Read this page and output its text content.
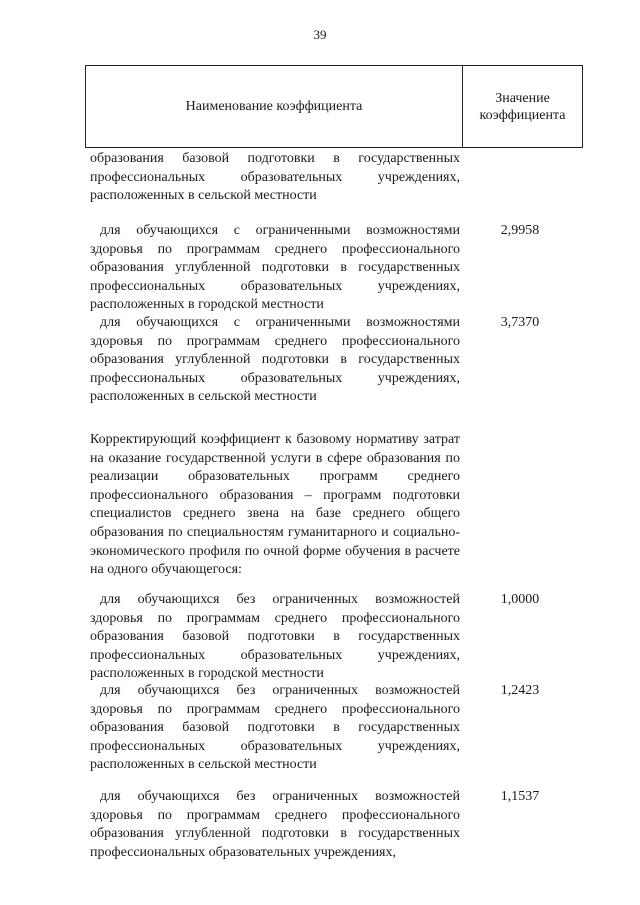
39
Наименование коэффициента
Значение коэффициента
образования базовой подготовки в государственных профессиональных образовательных учреждениях, расположенных в сельской местности
для обучающихся с ограниченными возможностями здоровья по программам среднего профессионального образования углубленной подготовки в государственных профессиональных образовательных учреждениях, расположенных в городской местности
2,9958
для обучающихся с ограниченными возможностями здоровья по программам среднего профессионального образования углубленной подготовки в государственных профессиональных образовательных учреждениях, расположенных в сельской местности
3,7370
Корректирующий коэффициент к базовому нормативу затрат на оказание государственной услуги в сфере образования по реализации образовательных программ среднего профессионального образования – программ подготовки специалистов среднего звена на базе среднего общего образования по специальностям гуманитарного и социально-экономического профиля по очной форме обучения в расчете на одного обучающегося:
для обучающихся без ограниченных возможностей здоровья по программам среднего профессионального образования базовой подготовки в государственных профессиональных образовательных учреждениях, расположенных в городской местности
1,0000
для обучающихся без ограниченных возможностей здоровья по программам среднего профессионального образования базовой подготовки в государственных профессиональных образовательных учреждениях, расположенных в сельской местности
1,2423
для обучающихся без ограниченных возможностей здоровья по программам среднего профессионального образования углубленной подготовки в государственных профессиональных образовательных учреждениях,
1,1537
